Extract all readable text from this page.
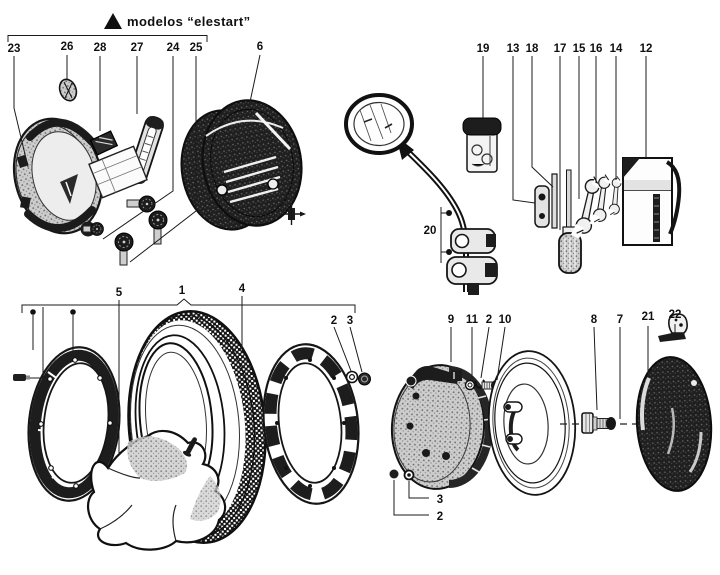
modelos “elestart”
23	26 28 27 24 25	6	19 13 18 17 15 16 14 12
20
5	1	4
2 3	9 11 2 10	8 7 21 22
3
2
